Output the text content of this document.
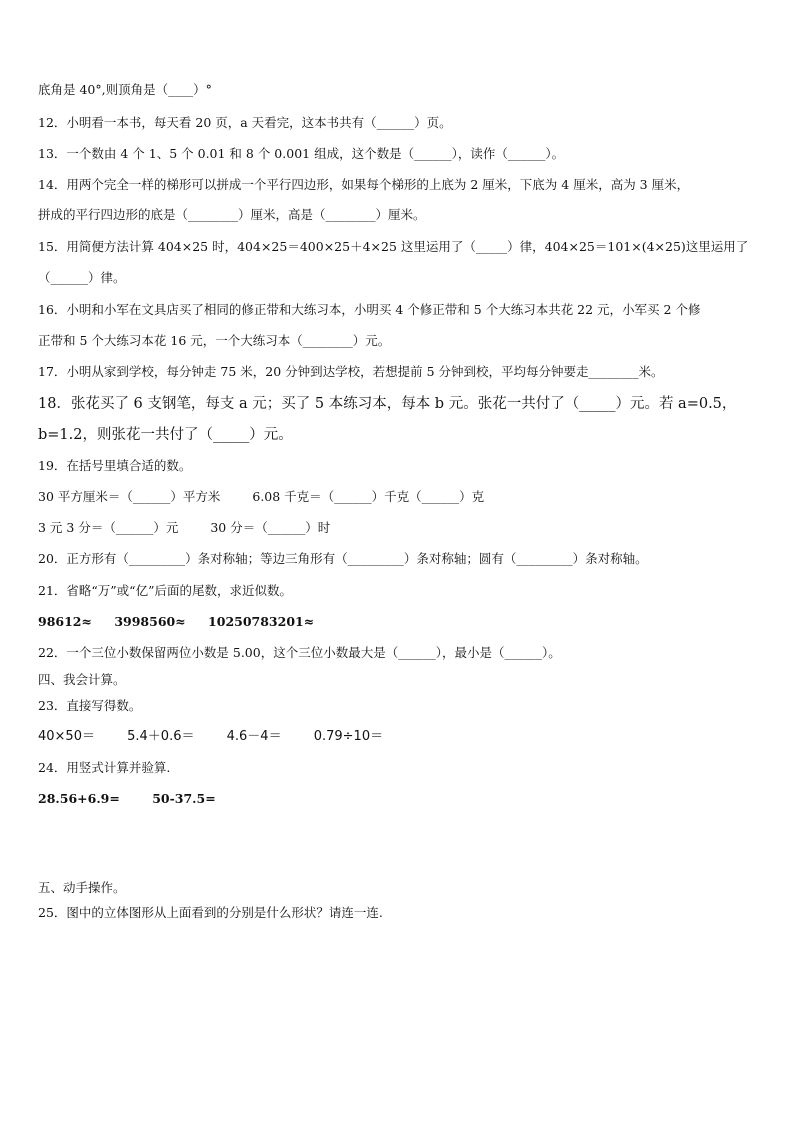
底角是 40°,则顶角是（____）°
12．小明看一本书，每天看 20 页，a 天看完，这本书共有（______）页。
13．一个数由 4 个 1、5 个 0.01 和 8 个 0.001 组成，这个数是（______），读作（______）。
14．用两个完全一样的梯形可以拼成一个平行四边形，如果每个梯形的上底为 2 厘米，下底为 4 厘米，高为 3 厘米，
拼成的平行四边形的底是（________）厘米，高是（________）厘米。
15．用简便方法计算 404×25 时，404×25＝400×25＋4×25 这里运用了（_____）律，404×25＝101×(4×25)这里运用了
（______）律。
16．小明和小军在文具店买了相同的修正带和大练习本，小明买 4 个修正带和 5 个大练习本共花 22 元，小军买 2 个修
正带和 5 个大练习本花 16 元，一个大练习本（________）元。
17．小明从家到学校，每分钟走 75 米，20 分钟到达学校，若想提前 5 分钟到校，平均每分钟要走________米。
18．张花买了 6 支钢笔，每支 a 元；买了 5 本练习本，每本 b 元。张花一共付了（_____）元。若 a=0.5，
b=1.2，则张花一共付了（_____）元。
19．在括号里填合适的数。
30 平方厘米＝（______）平方米	6.08 千克＝（______）千克（______）克
3 元 3 分＝（______）元	30 分＝（______）时
20．正方形有（_________）条对称轴；等边三角形有（_________）条对称轴；圆有（_________）条对称轴。
21．省略“万”或“亿”后面的尾数，求近似数。
98612≈ 3998560≈ 10250783201≈
22．一个三位小数保留两位小数是 5.00，这个三位小数最大是（______），最小是（______）。
四、我会计算。
23．直接写得数。
40×50＝ 5.4＋0.6＝ 4.6－4＝ 0.79÷10＝
24．用竖式计算并验算.
28.56+6.9=	50-37.5=
五、动手操作。
25．图中的立体图形从上面看到的分别是什么形状？请连一连.
